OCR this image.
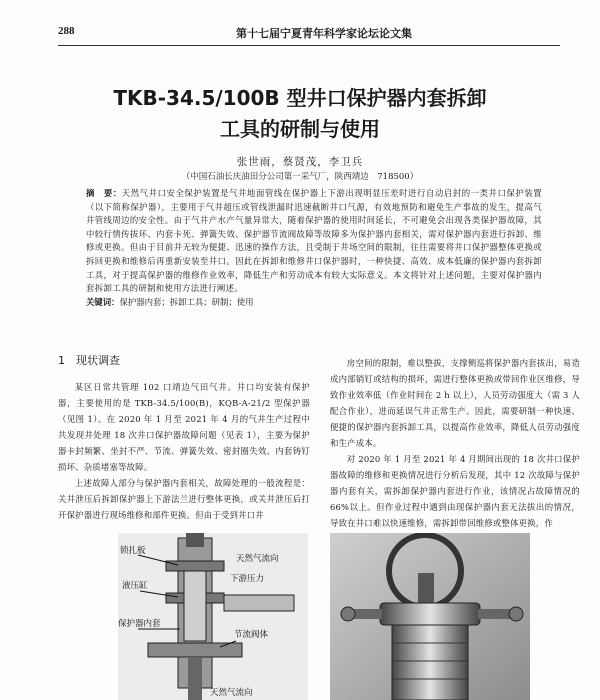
288	第十七届宁夏青年科学家论坛论文集
TKB-34.5/100B 型井口保护器内套拆卸
工具的研制与使用
张世雨，蔡贤茂，李卫兵
（中国石油长庆油田分公司第一采气厂，陕西靖边　718500）
摘　要：天然气井口安全保护装置是气井地面管线在保护器上下游出现明显压差时进行自动启封的一类井口保护装置（以下简称保护器），主要用于气井超压或管线泄漏时迅速截断井口气源，有效地预防和避免生产事故的发生，提高气井管线周边的安全性。由于气井产水产气量异常大，随着保护器的使用时间延长，不可避免会出现各类保护器故障，其中较行情传拔环、内套卡死、弹簧失效、保护器节流阀故障等故障多为保护器内套相关，需对保护器内套进行拆卸、维修或更换。但由于目前并无较为便捷、迅速的操作方法，且受制于井场空间的限制，往往需要将井口保护器整体更换或拆回更换和维修后再重新安装至井口。因此在拆卸和维修井口保护器时，一种快捷、高效、成本低廉的保护器内套拆卸工具，对于提高保护器的维修作业效率，降低生产和劳动成本有较大实际意义。本文将针对上述问题，主要对保护器内套拆卸工具的研制和使用方法进行阐述。
关键词：保护器内套；拆卸工具；研制；使用
1　现状调查

某区日常共管理 102 口靖边气田气井。井口均安装有保护器，主要使用的是 TKB-34.5/100(B)，KQB-A-21/2 型保护器（见图 1）。在 2020 年 1 月至 2021 年 4 月的气井生产过程中共发现井处理 18 次井口保护器故障问题（见表 1），主要为保护器卡封频繁、坐封不严、节流、弹簧失效、密封圈失效、内套铸钉损坏、杂质堵塞等故障。

上述故障人部分与保护器内套相关，故障处理的一般流程是：关井泄压后拆卸保护器上下游法兰进行整体更换，或关井泄压后打开保护器进行现场维修和部件更换。但由于受到井口井

房空间的限制，难以整拔，支撑侧巡将保护器内套拔出，易造成内部销钉或结构的损坏，需进行整体更换或带回作业区维修，导致作业效率低（作业时间在 2 h 以上），人员劳动强度大（需 3 人配合作业），进而延误气井正常生产。因此，需要研制一种快速、便捷的保护器内套拆卸工具，以提高作业效率，降低人员劳动强度和生产成本。

对 2020 年 1 月至 2021 年 4 月期间出现的 18 次井口保护器故障的维修和更换情况进行分析后发现，其中 12 次故障与保护器内套有关，需拆卸保护器内套进行作业，该情况占故障情况的 66%以上。但作业过程中遇到由现保护器内套无法拔出的情况，导致在井口难以快速维修，需拆卸带回维修或整体更换，作

锁扎板
液压缸
保护器内套
下游压力
天然气流向
节流阀体
天然气流向
